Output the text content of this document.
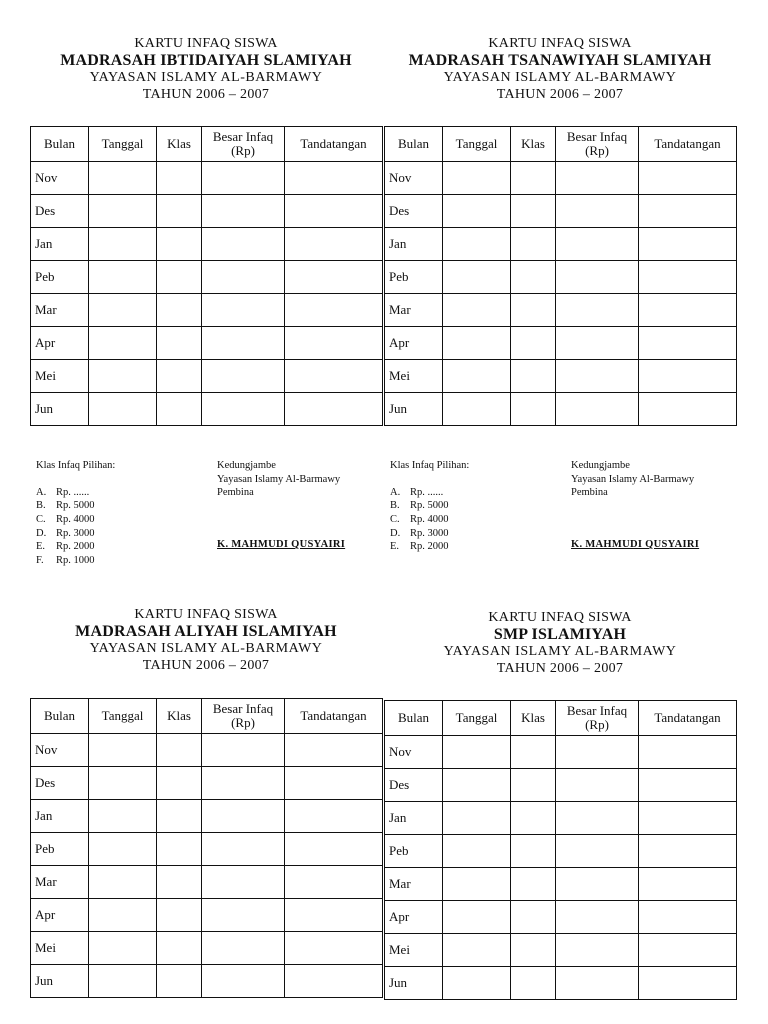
KARTU INFAQ SISWA
MADRASAH IBTIDAIYAH SLAMIYAH
YAYASAN ISLAMY AL-BARMAWY
TAHUN 2006 – 2007
Bulan	Tanggal	Klas	Besar Infaq (Rp)	Tandatangan
Nov				
Des				
Jan				
Peb				
Mar				
Apr				
Mei				
Jun				
KARTU INFAQ SISWA
MADRASAH TSANAWIYAH SLAMIYAH
YAYASAN ISLAMY AL-BARMAWY
TAHUN 2006 – 2007
Bulan	Tanggal	Klas	Besar Infaq (Rp)	Tandatangan
Nov				
Des				
Jan				
Peb				
Mar				
Apr				
Mei				
Jun				
Klas Infaq Pilihan:
A. Rp. ......
B. Rp. 5000
C. Rp. 4000
D. Rp. 3000
E. Rp. 2000
F. Rp. 1000
Kedungjambe
Yayasan Islamy Al-Barmawy
Pembina
K. MAHMUDI QUSYAIRI
Klas Infaq Pilihan:
A. Rp. ......
B. Rp. 5000
C. Rp. 4000
D. Rp. 3000
E. Rp. 2000
Kedungjambe
Yayasan Islamy Al-Barmawy
Pembina
K. MAHMUDI QUSYAIRI
KARTU INFAQ SISWA
MADRASAH ALIYAH ISLAMIYAH
YAYASAN ISLAMY AL-BARMAWY
TAHUN 2006 – 2007
Bulan	Tanggal	Klas	Besar Infaq (Rp)	Tandatangan
Nov				
Des				
Jan				
Peb				
Mar				
Apr				
Mei				
Jun				
KARTU INFAQ SISWA
SMP ISLAMIYAH
YAYASAN ISLAMY AL-BARMAWY
TAHUN 2006 – 2007
Bulan	Tanggal	Klas	Besar Infaq (Rp)	Tandatangan
Nov				
Des				
Jan				
Peb				
Mar				
Apr				
Mei				
Jun				
